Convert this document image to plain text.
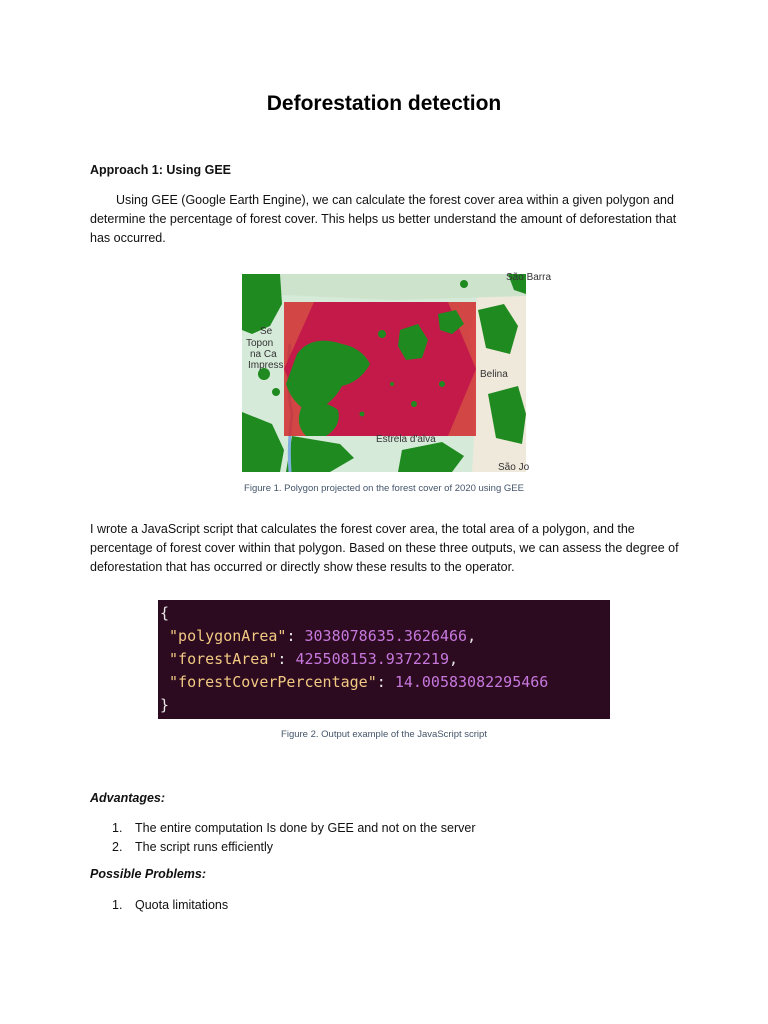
Deforestation detection
Approach 1: Using GEE
Using GEE (Google Earth Engine), we can calculate the forest cover area within a given polygon and determine the percentage of forest cover. This helps us better understand the amount of deforestation that has occurred.
São Barra
Se
Topon
na Ca
Impress
Belina
Estrela d'alva
São Jo
Figure 1. Polygon projected on the forest cover of 2020 using GEE
I wrote a JavaScript script that calculates the forest cover area, the total area of a polygon, and the percentage of forest cover within that polygon. Based on these three outputs, we can assess the degree of deforestation that has occurred or directly show these results to the operator.
{
"polygonArea": 3038078635.3626466,
"forestArea": 425508153.9372219,
"forestCoverPercentage": 14.00583082295466
}
Figure 2. Output example of the JavaScript script
Advantages:
1. The entire computation Is done by GEE and not on the server
2. The script runs efficiently
Possible Problems:
1. Quota limitations
